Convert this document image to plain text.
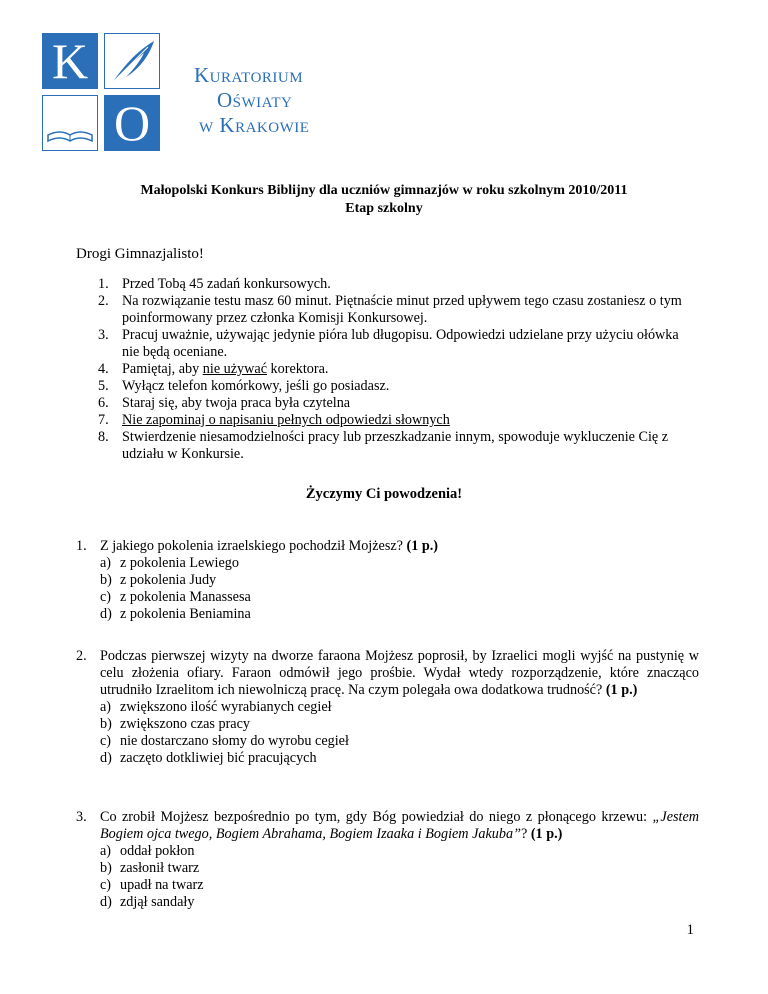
K
O
Kuratorium
Oświaty
w Krakowie
Małopolski Konkurs Biblijny dla uczniów gimnazjów w roku szkolnym 2010/2011
Etap szkolny
Drogi Gimnazjalisto!
1. Przed Tobą 45 zadań konkursowych.
2. Na rozwiązanie testu masz 60 minut. Piętnaście minut przed upływem tego czasu zostaniesz o tym poinformowany przez członka Komisji Konkursowej.
3. Pracuj uważnie, używając jedynie pióra lub długopisu. Odpowiedzi udzielane przy użyciu ołówka nie będą oceniane.
4. Pamiętaj, aby nie używać korektora.
5. Wyłącz telefon komórkowy, jeśli go posiadasz.
6. Staraj się, aby twoja praca była czytelna
7. Nie zapominaj o napisaniu pełnych odpowiedzi słownych
8. Stwierdzenie niesamodzielności pracy lub przeszkadzanie innym, spowoduje wykluczenie Cię z udziału w Konkursie.
Życzymy Ci powodzenia!
1. Z jakiego pokolenia izraelskiego pochodził Mojżesz? (1 p.)
a) z pokolenia Lewiego
b) z pokolenia Judy
c) z pokolenia Manassesa
d) z pokolenia Beniamina
2. Podczas pierwszej wizyty na dworze faraona Mojżesz poprosił, by Izraelici mogli wyjść na pustynię w celu złożenia ofiary. Faraon odmówił jego prośbie. Wydał wtedy rozporządzenie, które znacząco utrudniło Izraelitom ich niewolniczą pracę. Na czym polegała owa dodatkowa trudność? (1 p.)
a) zwiększono ilość wyrabianych cegieł
b) zwiększono czas pracy
c) nie dostarczano słomy do wyrobu cegieł
d) zaczęto dotkliwiej bić pracujących
3. Co zrobił Mojżesz bezpośrednio po tym, gdy Bóg powiedział do niego z płonącego krzewu: „Jestem Bogiem ojca twego, Bogiem Abrahama, Bogiem Izaaka i Bogiem Jakuba”? (1 p.)
a) oddał pokłon
b) zasłonił twarz
c) upadł na twarz
d) zdjął sandały
1
